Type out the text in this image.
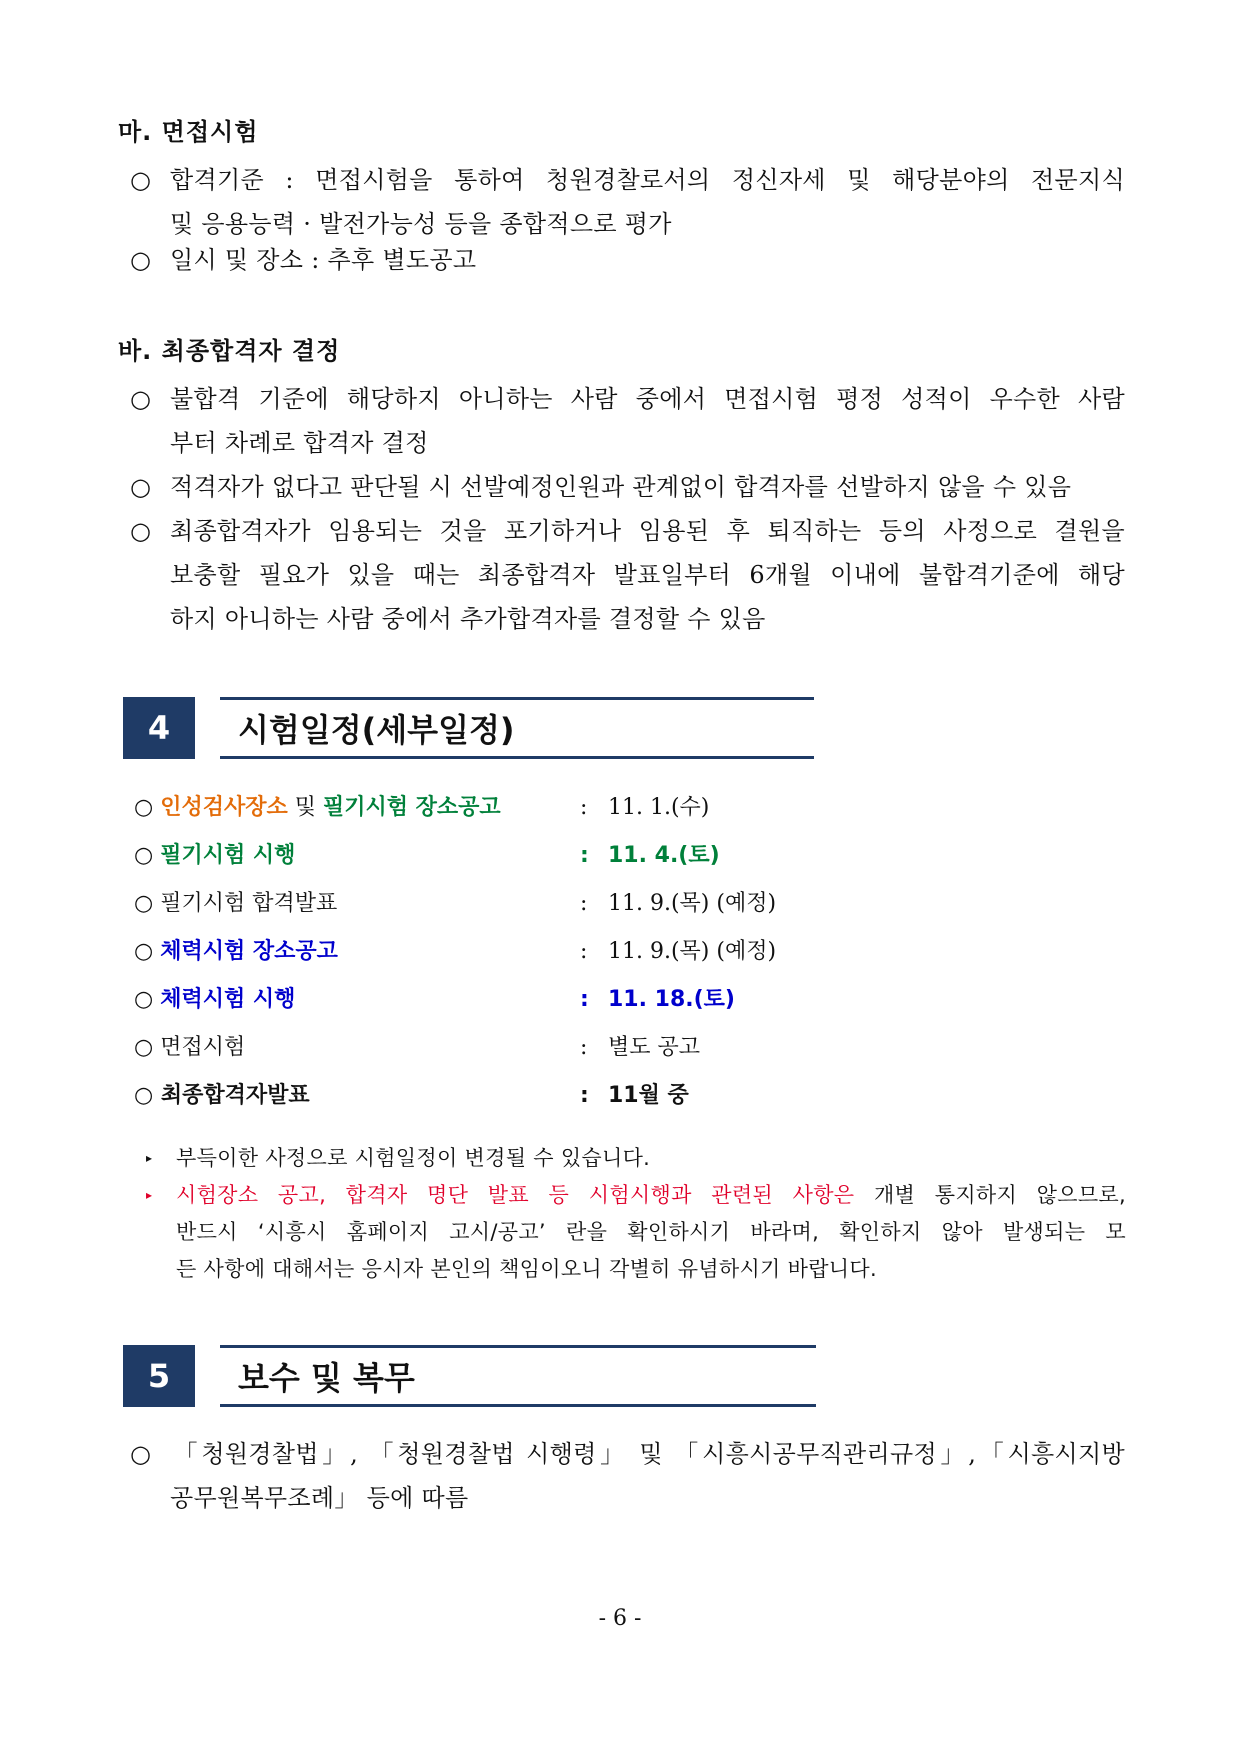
마. 면접시험
○ 합격기준 : 면접시험을 통하여 청원경찰로서의 정신자세 및 해당분야의 전문지식
및 응용능력 · 발전가능성 등을 종합적으로 평가
○ 일시 및 장소 : 추후 별도공고
바. 최종합격자 결정
○ 불합격 기준에 해당하지 아니하는 사람 중에서 면접시험 평정 성적이 우수한 사람
부터 차례로 합격자 결정
○ 적격자가 없다고 판단될 시 선발예정인원과 관계없이 합격자를 선발하지 않을 수 있음
○ 최종합격자가 임용되는 것을 포기하거나 임용된 후 퇴직하는 등의 사정으로 결원을
보충할 필요가 있을 때는 최종합격자 발표일부터 6개월 이내에 불합격기준에 해당
하지 아니하는 사람 중에서 추가합격자를 결정할 수 있음
4	시험일정(세부일정)
○ 인성검사장소 및 필기시험 장소공고	: 11. 1.(수)
○ 필기시험 시행	: 11. 4.(토)
○ 필기시험 합격발표	: 11. 9.(목) (예정)
○ 체력시험 장소공고	: 11. 9.(목) (예정)
○ 체력시험 시행	: 11. 18.(토)
○ 면접시험	: 별도 공고
○ 최종합격자발표	: 11월 중
▸	부득이한 사정으로 시험일정이 변경될 수 있습니다.
▸	시험장소 공고, 합격자 명단 발표 등 시험시행과 관련된 사항은 개별 통지하지 않으므로,
반드시 ‘시흥시 홈페이지 고시/공고’ 란을 확인하시기 바라며, 확인하지 않아 발생되는 모
든 사항에 대해서는 응시자 본인의 책임이오니 각별히 유념하시기 바랍니다.
5	보수 및 복무
○ 「청원경찰법」, 「청원경찰법 시행령」 및 「시흥시공무직관리규정」,「시흥시지방
공무원복무조례」 등에 따름
- 6 -
